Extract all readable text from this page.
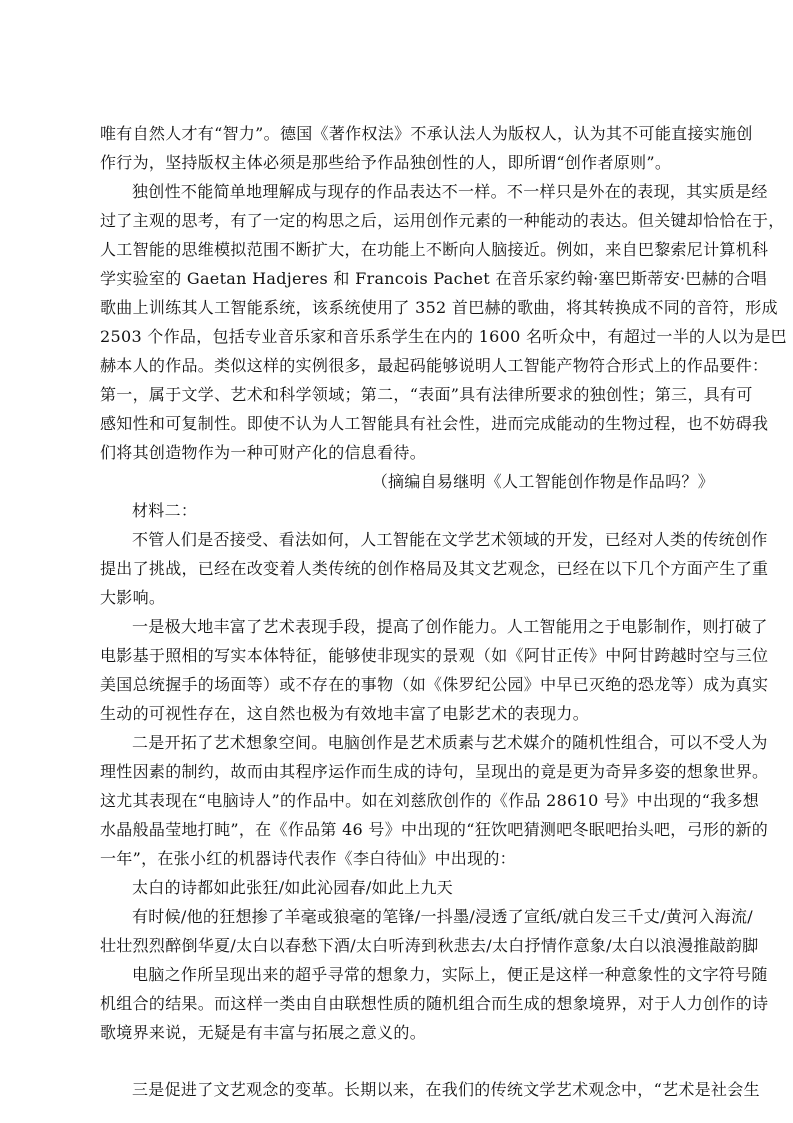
唯有自然人才有“智力”。德国《著作权法》不承认法人为版权人，认为其不可能直接实施创
作行为，坚持版权主体必须是那些给予作品独创性的人，即所谓“创作者原则”。
独创性不能简单地理解成与现存的作品表达不一样。不一样只是外在的表现，其实质是经
过了主观的思考，有了一定的构思之后，运用创作元素的一种能动的表达。但关键却恰恰在于，
人工智能的思维模拟范围不断扩大，在功能上不断向人脑接近。例如，来自巴黎索尼计算机科
学实验室的 Gaetan Hadjeres 和 Francois Pachet 在音乐家约翰·塞巴斯蒂安·巴赫的合唱
歌曲上训练其人工智能系统，该系统使用了 352 首巴赫的歌曲，将其转换成不同的音符，形成
2503 个作品，包括专业音乐家和音乐系学生在内的 1600 名听众中，有超过一半的人以为是巴
赫本人的作品。类似这样的实例很多，最起码能够说明人工智能产物符合形式上的作品要件：
第一，属于文学、艺术和科学领域；第二，“表面”具有法律所要求的独创性；第三，具有可
感知性和可复制性。即使不认为人工智能具有社会性，进而完成能动的生物过程，也不妨碍我
们将其创造物作为一种可财产化的信息看待。
（摘编自易继明《人工智能创作物是作品吗？》
材料二：
不管人们是否接受、看法如何，人工智能在文学艺术领域的开发，已经对人类的传统创作
提出了挑战，已经在改变着人类传统的创作格局及其文艺观念，已经在以下几个方面产生了重
大影响。
一是极大地丰富了艺术表现手段，提高了创作能力。人工智能用之于电影制作，则打破了
电影基于照相的写实本体特征，能够使非现实的景观（如《阿甘正传》中阿甘跨越时空与三位
美国总统握手的场面等）或不存在的事物（如《侏罗纪公园》中早已灭绝的恐龙等）成为真实
生动的可视性存在，这自然也极为有效地丰富了电影艺术的表现力。
二是开拓了艺术想象空间。电脑创作是艺术质素与艺术媒介的随机性组合，可以不受人为
理性因素的制约，故而由其程序运作而生成的诗句，呈现出的竟是更为奇异多姿的想象世界。
这尤其表现在“电脑诗人”的作品中。如在刘慈欣创作的《作品 28610 号》中出现的“我多想
水晶般晶莹地打盹”，在《作品第 46 号》中出现的“狂饮吧猜测吧冬眠吧抬头吧，弓形的新的
一年”，在张小红的机器诗代表作《李白待仙》中出现的：
太白的诗都如此张狂/如此沁园春/如此上九天
有时候/他的狂想掺了羊毫或狼毫的笔锋/一抖墨/浸透了宣纸/就白发三千丈/黄河入海流/
壮壮烈烈醉倒华夏/太白以春愁下酒/太白听涛到秋悲去/太白抒情作意象/太白以浪漫推敲韵脚
电脑之作所呈现出来的超乎寻常的想象力，实际上，便正是这样一种意象性的文字符号随
机组合的结果。而这样一类由自由联想性质的随机组合而生成的想象境界，对于人力创作的诗
歌境界来说，无疑是有丰富与拓展之意义的。
三是促进了文艺观念的变革。长期以来，在我们的传统文学艺术观念中，“艺术是社会生
